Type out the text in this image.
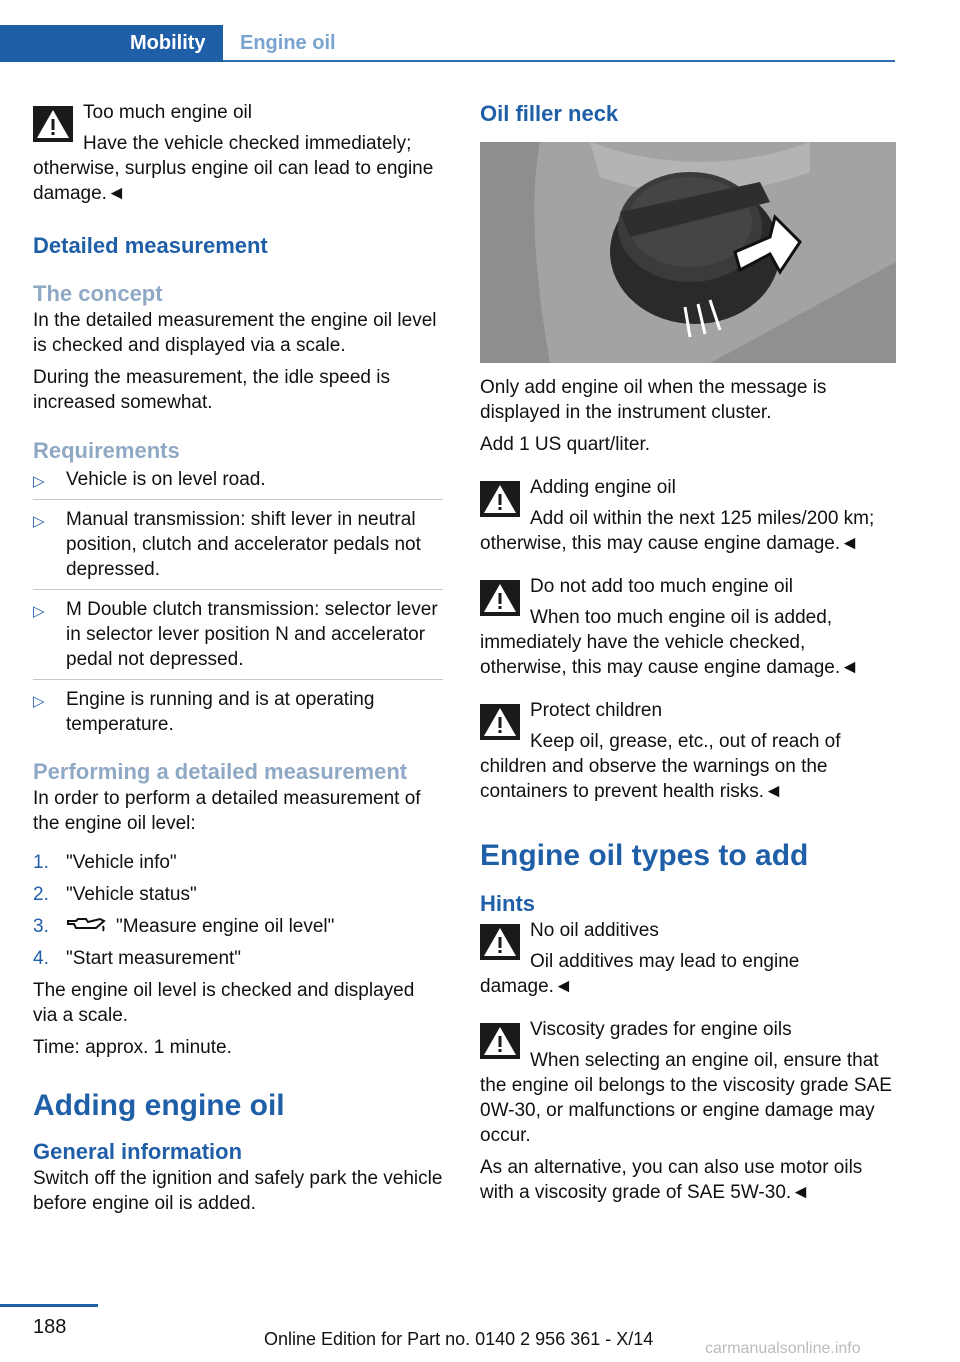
Mobility	Engine oil
Too much engine oil
Have the vehicle checked immediately; otherwise, surplus engine oil can lead to engine damage.◄
Detailed measurement
The concept

In the detailed measurement the engine oil level is checked and displayed via a scale.

During the measurement, the idle speed is increased somewhat.

Requirements
▷ Vehicle is on level road.
▷ Manual transmission: shift lever in neutral position, clutch and accelerator pedals not depressed.
▷ M Double clutch transmission: selector lever in selector lever position N and accelerator pedal not depressed.
▷ Engine is running and is at operating temperature.
Performing a detailed measurement

In order to perform a detailed measurement of the engine oil level:

1. "Vehicle info"
2. "Vehicle status"
3.	"Measure engine oil level"
4. "Start measurement"

The engine oil level is checked and displayed via a scale.

Time: approx. 1 minute.

Adding engine oil
General information

Switch off the ignition and safely park the vehicle before engine oil is added.

Oil filler neck

Only add engine oil when the message is displayed in the instrument cluster.

Add 1 US quart/liter.

Adding engine oil
Add oil within the next 125 miles/200 km; otherwise, this may cause engine damage.◄
Do not add too much engine oil
When too much engine oil is added, immediately have the vehicle checked, otherwise, this may cause engine damage.◄
Protect children
Keep oil, grease, etc., out of reach of children and observe the warnings on the containers to prevent health risks.◄
Engine oil types to add
Hints
No oil additives
Oil additives may lead to engine damage.◄
Viscosity grades for engine oils
When selecting an engine oil, ensure that the engine oil belongs to the viscosity grade SAE 0W-30, or malfunctions or engine damage may occur.

As an alternative, you can also use motor oils with a viscosity grade of SAE 5W-30.◄

188
Online Edition for Part no. 0140 2 956 361 - X/14	carmanualsonline.info
